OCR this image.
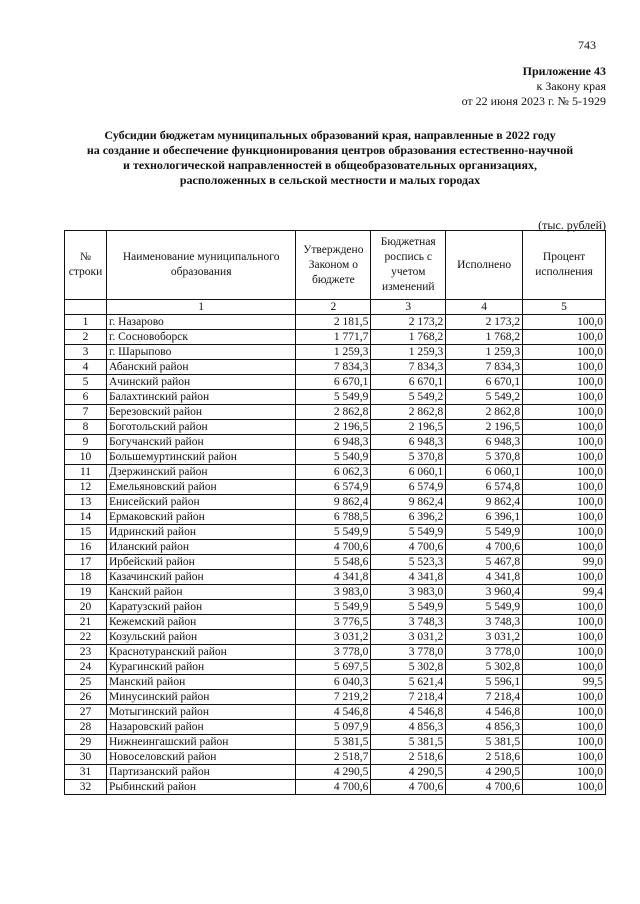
743
Приложение 43
к Закону края
от 22 июня 2023 г. № 5-1929
Субсидии бюджетам муниципальных образований края, направленные в 2022 году
на создание и обеспечение функционирования центров образования естественно-научной
и технологической направленностей в общеобразовательных организациях,
расположенных в сельской местности и малых городах
(тыс. рублей)
№ строки	Наименование муниципального образования	Утверждено Законом о бюджете	Бюджетная роспись с учетом изменений	Исполнено	Процент исполнения
	1	2	3	4	5
1	г. Назарово	2 181,5	2 173,2	2 173,2	100,0
2	г. Сосновоборск	1 771,7	1 768,2	1 768,2	100,0
3	г. Шарыпово	1 259,3	1 259,3	1 259,3	100,0
4	Абанский район	7 834,3	7 834,3	7 834,3	100,0
5	Ачинский район	6 670,1	6 670,1	6 670,1	100,0
6	Балахтинский район	5 549,9	5 549,2	5 549,2	100,0
7	Березовский район	2 862,8	2 862,8	2 862,8	100,0
8	Боготольский район	2 196,5	2 196,5	2 196,5	100,0
9	Богучанский район	6 948,3	6 948,3	6 948,3	100,0
10	Большемуртинский район	5 540,9	5 370,8	5 370,8	100,0
11	Дзержинский район	6 062,3	6 060,1	6 060,1	100,0
12	Емельяновский район	6 574,9	6 574,9	6 574,8	100,0
13	Енисейский район	9 862,4	9 862,4	9 862,4	100,0
14	Ермаковский район	6 788,5	6 396,2	6 396,1	100,0
15	Идринский район	5 549,9	5 549,9	5 549,9	100,0
16	Иланский район	4 700,6	4 700,6	4 700,6	100,0
17	Ирбейский район	5 548,6	5 523,3	5 467,8	99,0
18	Казачинский район	4 341,8	4 341,8	4 341,8	100,0
19	Канский район	3 983,0	3 983,0	3 960,4	99,4
20	Каратузский район	5 549,9	5 549,9	5 549,9	100,0
21	Кежемский район	3 776,5	3 748,3	3 748,3	100,0
22	Козульский район	3 031,2	3 031,2	3 031,2	100,0
23	Краснотуранский район	3 778,0	3 778,0	3 778,0	100,0
24	Курагинский район	5 697,5	5 302,8	5 302,8	100,0
25	Манский район	6 040,3	5 621,4	5 596,1	99,5
26	Минусинский район	7 219,2	7 218,4	7 218,4	100,0
27	Мотыгинский район	4 546,8	4 546,8	4 546,8	100,0
28	Назаровский район	5 097,9	4 856,3	4 856,3	100,0
29	Нижнеингашский район	5 381,5	5 381,5	5 381,5	100,0
30	Новоселовский район	2 518,7	2 518,6	2 518,6	100,0
31	Партизанский район	4 290,5	4 290,5	4 290,5	100,0
32	Рыбинский район	4 700,6	4 700,6	4 700,6	100,0
